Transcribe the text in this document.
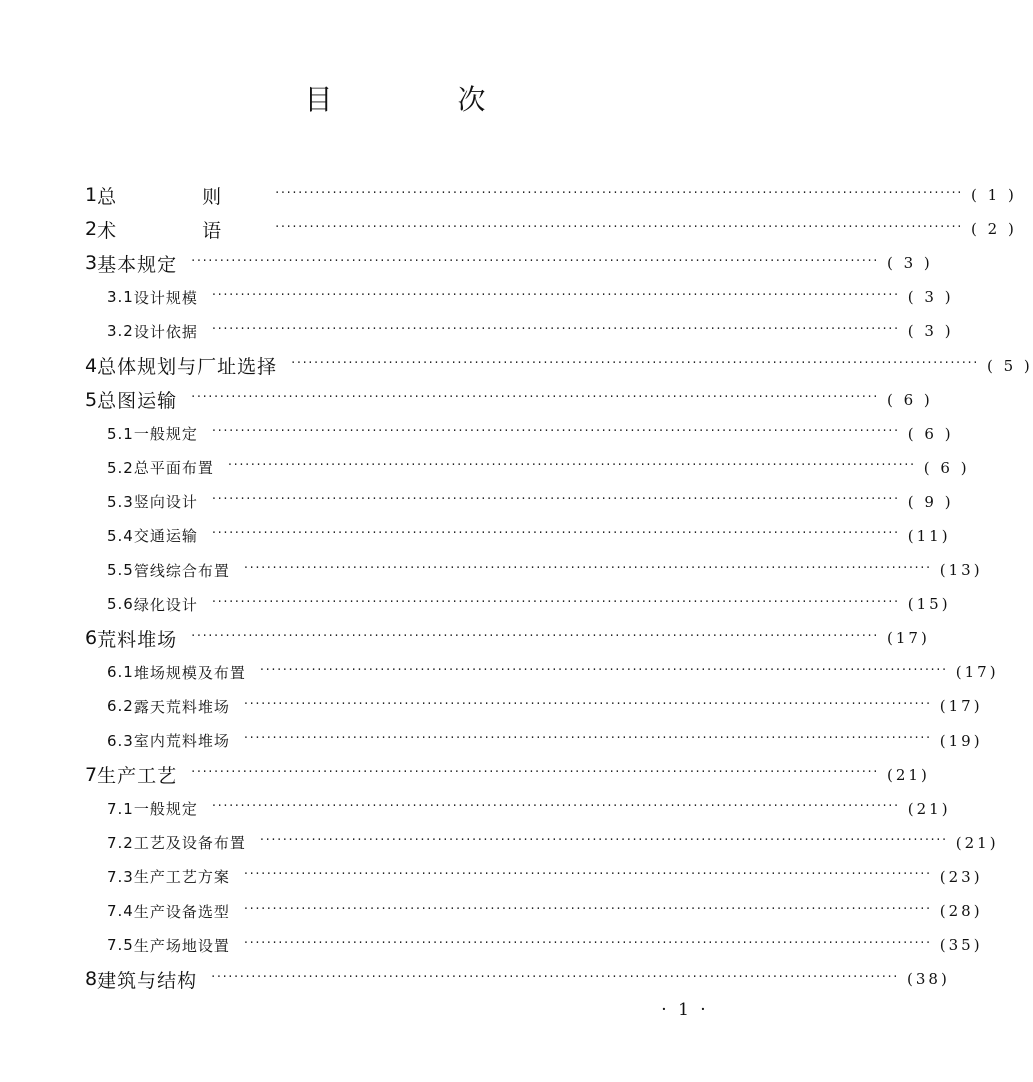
目 次
1 总 则 ························································································································ ( 1 )
2 术 语 ························································································································ ( 2 )
3 基本规定 ························································································································ ( 3 )
3.1 设计规模 ························································································································ ( 3 )
3.2 设计依据 ························································································································ ( 3 )
4 总体规划与厂址选择 ························································································································ ( 5 )
5 总图运输 ························································································································ ( 6 )
5.1 一般规定 ························································································································ ( 6 )
5.2 总平面布置 ························································································································ ( 6 )
5.3 竖向设计 ························································································································ ( 9 )
5.4 交通运输 ························································································································ (11)
5.5 管线综合布置 ························································································································ (13)
5.6 绿化设计 ························································································································ (15)
6 荒料堆场 ························································································································ (17)
6.1 堆场规模及布置 ························································································································ (17)
6.2 露天荒料堆场 ························································································································ (17)
6.3 室内荒料堆场 ························································································································ (19)
7 生产工艺 ························································································································ (21)
7.1 一般规定 ························································································································ (21)
7.2 工艺及设备布置 ························································································································ (21)
7.3 生产工艺方案 ························································································································ (23)
7.4 生产设备选型 ························································································································ (28)
7.5 生产场地设置 ························································································································ (35)
8 建筑与结构 ························································································································ (38)
· 1 ·
